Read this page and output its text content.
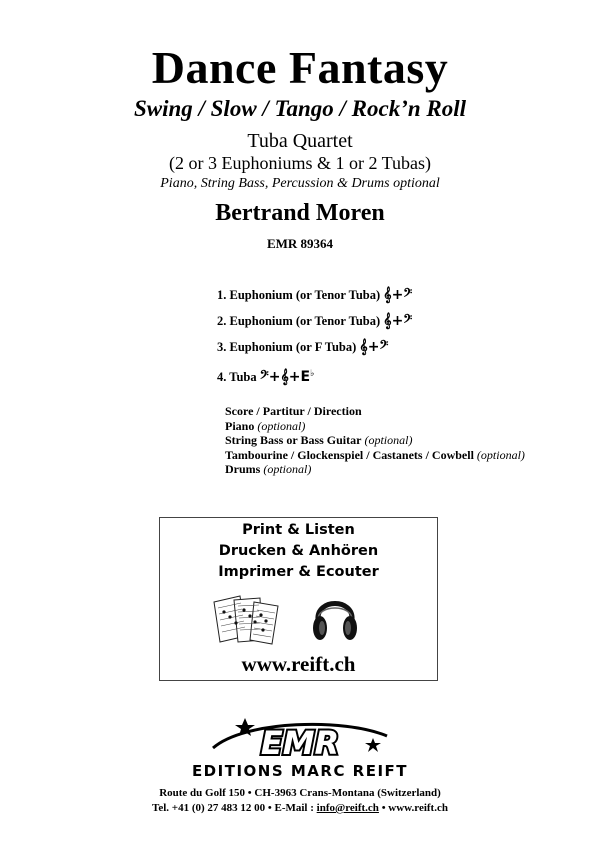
Dance Fantasy
Swing / Slow / Tango / Rock’n Roll
Tuba Quartet
(2 or 3 Euphoniums & 1 or 2 Tubas)
Piano, String Bass, Percussion & Drums optional
Bertrand Moren
EMR 89364
1. Euphonium (or Tenor Tuba) 𝄞+𝄢
2. Euphonium (or Tenor Tuba) 𝄞+𝄢
3. Euphonium (or F Tuba) 𝄞+𝄢
4. Tuba 𝄢+𝄞+E♭
Score / Partitur / Direction
Piano (optional)
String Bass or Bass Guitar (optional)
Tambourine / Glockenspiel / Castanets / Cowbell (optional)
Drums (optional)
Print & Listen
Drucken & Anhören
Imprimer & Ecouter
www.reift.ch
EMR
EDITIONS MARC REIFT
Route du Golf 150 • CH-3963 Crans-Montana (Switzerland)
Tel. +41 (0) 27 483 12 00 • E-Mail : info@reift.ch • www.reift.ch
